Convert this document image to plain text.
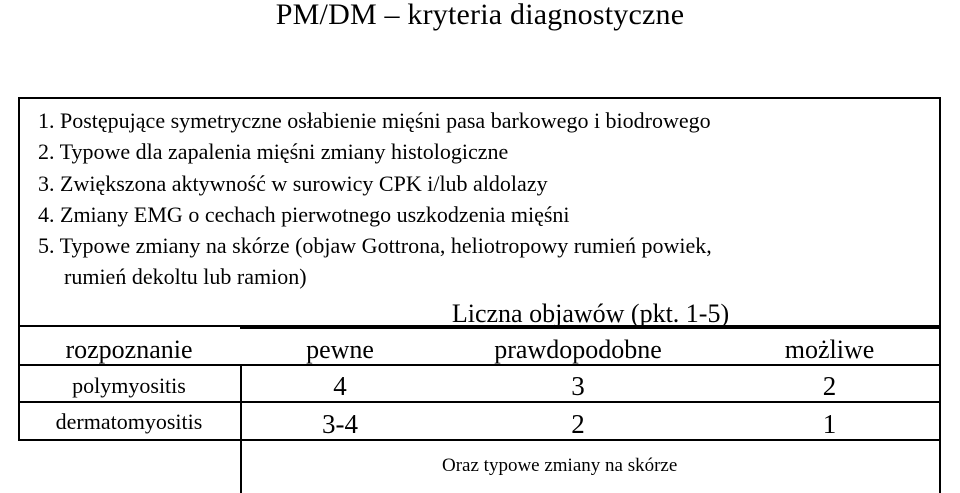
PM/DM – kryteria diagnostyczne
1. Postępujące symetryczne osłabienie mięśni pasa barkowego i biodrowego
2. Typowe dla zapalenia mięśni zmiany histologiczne
3. Zwiększona aktywność w surowicy CPK i/lub aldolazy
4. Zmiany EMG o cechach pierwotnego uszkodzenia mięśni
5. Typowe zmiany na skórze (objaw Gottrona, heliotropowy rumień powiek,
rumień dekoltu lub ramion)
Liczna objawów (pkt. 1-5)
rozpoznanie	pewne	prawdopodobne	możliwe
polymyositis	4	3	2
dermatomyositis	3-4	2	1
Oraz typowe zmiany na skórze
